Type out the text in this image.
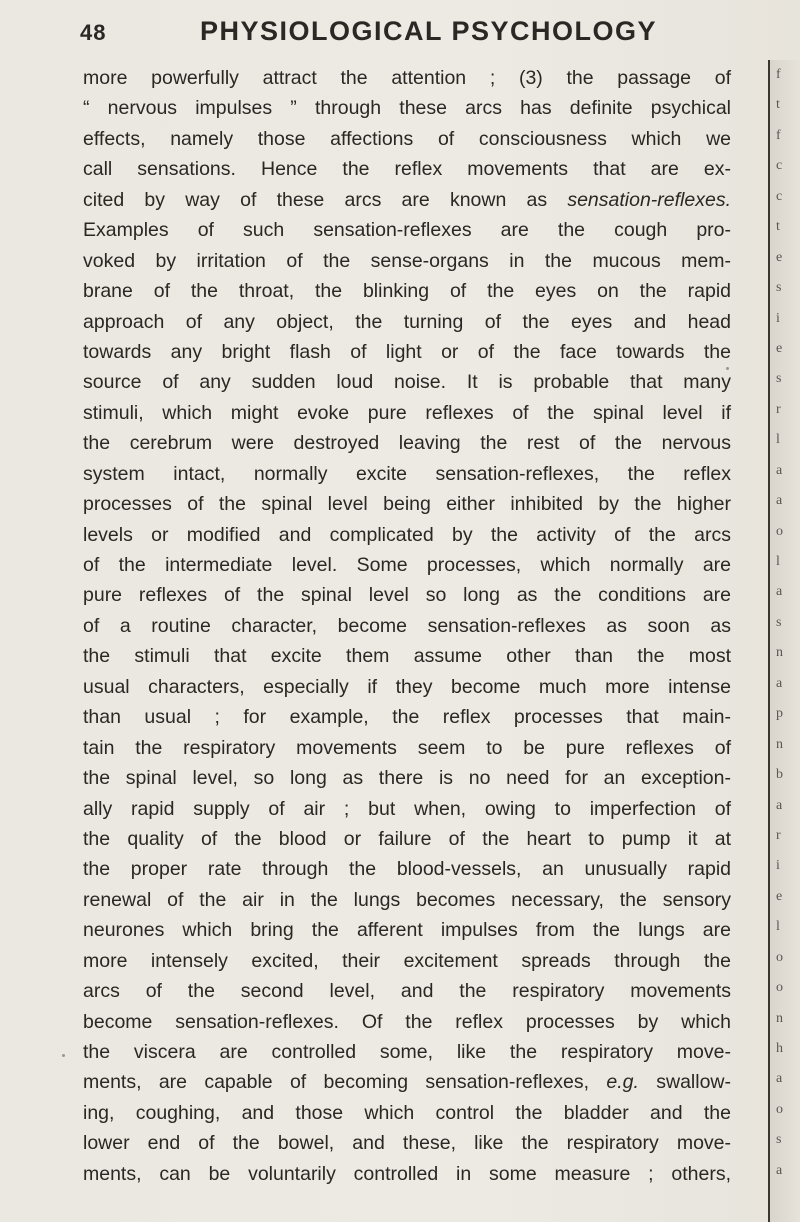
48	PHYSIOLOGICAL PSYCHOLOGY
more powerfully attract the attention ; (3) the passage of
“ nervous impulses ” through these arcs has definite psychical
effects, namely those affections of consciousness which we
call sensations. Hence the reflex movements that are ex-
cited by way of these arcs are known as sensation-reflexes.
Examples of such sensation-reflexes are the cough pro-
voked by irritation of the sense-organs in the mucous mem-
brane of the throat, the blinking of the eyes on the rapid
approach of any object, the turning of the eyes and head
towards any bright flash of light or of the face towards the
source of any sudden loud noise. It is probable that many
stimuli, which might evoke pure reflexes of the spinal level if
the cerebrum were destroyed leaving the rest of the nervous
system intact, normally excite sensation-reflexes, the reflex
processes of the spinal level being either inhibited by the higher
levels or modified and complicated by the activity of the arcs
of the intermediate level. Some processes, which normally are
pure reflexes of the spinal level so long as the conditions are
of a routine character, become sensation-reflexes as soon as
the stimuli that excite them assume other than the most
usual characters, especially if they become much more intense
than usual ; for example, the reflex processes that main-
tain the respiratory movements seem to be pure reflexes of
the spinal level, so long as there is no need for an exception-
ally rapid supply of air ; but when, owing to imperfection of
the quality of the blood or failure of the heart to pump it at
the proper rate through the blood-vessels, an unusually rapid
renewal of the air in the lungs becomes necessary, the sensory
neurones which bring the afferent impulses from the lungs are
more intensely excited, their excitement spreads through the
arcs of the second level, and the respiratory movements
become sensation-reflexes. Of the reflex processes by which
the viscera are controlled some, like the respiratory move-
ments, are capable of becoming sensation-reflexes, e.g. swallow-
ing, coughing, and those which control the bladder and the
lower end of the bowel, and these, like the respiratory move-
ments, can be voluntarily controlled in some measure ; others,
f
t
f
c
c
t
e
s
i
e
s
r
l
a
a
o
l
a
s
n
a
p
n
b
a
r
i
e
l
o
o
n
h
a
o
s
a
